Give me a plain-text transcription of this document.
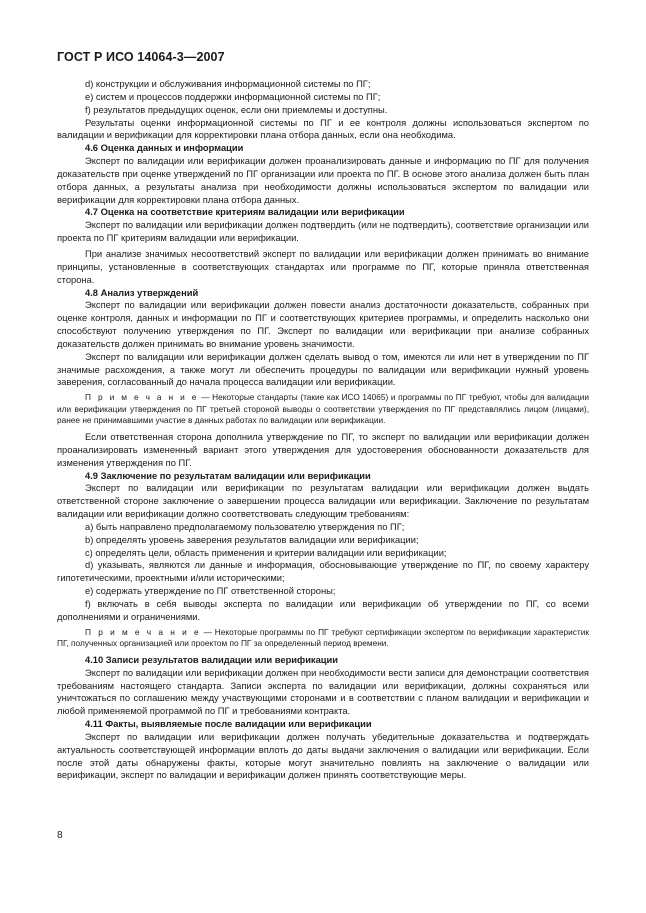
ГОСТ Р ИСО 14064-3—2007

d) конструкции и обслуживания информационной системы по ПГ;

e) систем и процессов поддержки информационной системы по ПГ;

f) результатов предыдущих оценок, если они приемлемы и доступны.

Результаты оценки информационной системы по ПГ и ее контроля должны использоваться экспертом по валидации и верификации для корректировки плана отбора данных, если она необходима.

4.6 Оценка данных и информации

Эксперт по валидации или верификации должен проанализировать данные и информацию по ПГ для получения доказательств при оценке утверждений по ПГ организации или проекта по ПГ. В основе этого анализа должен быть план отбора данных, а результаты анализа при необходимости должны использоваться экспертом по валидации или верификации для корректировки плана отбора данных.

4.7 Оценка на соответствие критериям валидации или верификации

Эксперт по валидации или верификации должен подтвердить (или не подтвердить), соответствие организации или проекта по ПГ критериям валидации или верификации.

При анализе значимых несоответствий эксперт по валидации или верификации должен принимать во внимание принципы, установленные в соответствующих стандартах или программе по ПГ, которые приняла ответственная сторона.

4.8 Анализ утверждений

Эксперт по валидации или верификации должен повести анализ достаточности доказательств, собранных при оценке контроля, данных и информации по ПГ и соответствующих критериев программы, и определить насколько они способствуют получению утверждения по ПГ. Эксперт по валидации или верификации при анализе собранных доказательств должен принимать во внимание уровень значимости.

Эксперт по валидации или верификации должен сделать вывод о том, имеются ли или нет в утверждении по ПГ значимые расхождения, а также могут ли обеспечить процедуры по валидации или верификации нужный уровень заверения, согласованный до начала процесса валидации или верификации.

П р и м е ч а н и е — Некоторые стандарты (такие как ИСО 14065) и программы по ПГ требуют, чтобы для валидации или верификации утверждения по ПГ третьей стороной выводы о соответствии утверждения по ПГ представлялись лицом (лицами), ранее не принимавшими участие в данных работах по валидации или верификации.

Если ответственная сторона дополнила утверждение по ПГ, то эксперт по валидации или верификации должен проанализировать измененный вариант этого утверждения для удостоверения обоснованности доказательств для изменения утверждения по ПГ.

4.9 Заключение по результатам валидации или верификации

Эксперт по валидации или верификации по результатам валидации или верификации должен выдать ответственной стороне заключение о завершении процесса валидации или верификации. Заключение по результатам валидации или верификации должно соответствовать следующим требованиям:

a) быть направлено предполагаемому пользователю утверждения по ПГ;

b) определять уровень заверения результатов валидации или верификации;

c) определять цели, область применения и критерии валидации или верификации;

d) указывать, являются ли данные и информация, обосновывающие утверждение по ПГ, по своему характеру гипотетическими, проектными и/или историческими;

e) содержать утверждение по ПГ ответственной стороны;

f) включать в себя выводы эксперта по валидации или верификации об утверждении по ПГ, со всеми дополнениями и ограничениями.

П р и м е ч а н и е — Некоторые программы по ПГ требуют сертификации экспертом по верификации характеристик ПГ, полученных организацией или проектом по ПГ за определенный период времени.

4.10 Записи результатов валидации или верификации

Эксперт по валидации или верификации должен при необходимости вести записи для демонстрации соответствия требованиям настоящего стандарта. Записи эксперта по валидации или верификации, должны сохраняться или уничтожаться по соглашению между участвующими сторонами и в соответствии с планом валидации и верификации и любой применяемой программой по ПГ и требованиями контракта.

4.11 Факты, выявляемые после валидации или верификации

Эксперт по валидации или верификации должен получать убедительные доказательства и подтверждать актуальность соответствующей информации вплоть до даты выдачи заключения о валидации или верификации. Если после этой даты обнаружены факты, которые могут значительно повлиять на заключение о валидации или верификации, эксперт по валидации и верификации должен принять соответствующие меры.

8
